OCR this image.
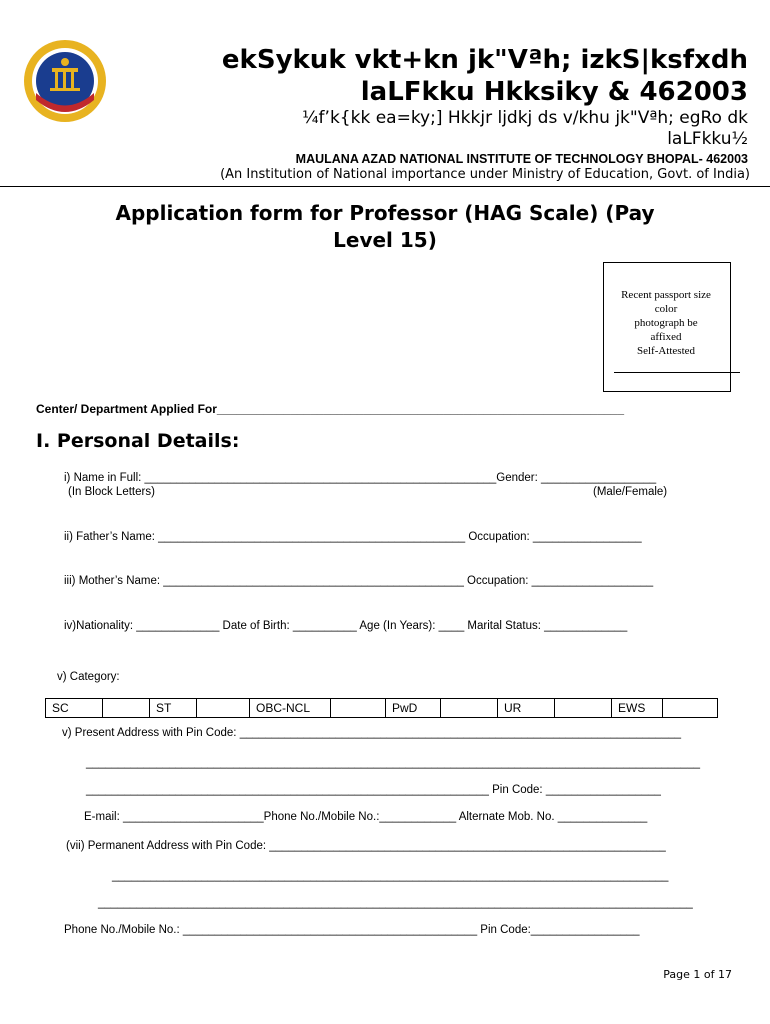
ekSykuk vkt+kn jk"Vªh; izkS|ksfxdh
laLFkku Hkksiky & 462003
¼f’k{kk ea=ky;] Hkkjr ljdkj ds v/khu jk"Vªh; egRo dk
laLFkku½
MAULANA AZAD NATIONAL INSTITUTE OF TECHNOLOGY BHOPAL- 462003
(An Institution of National importance under Ministry of Education, Govt. of India)
Application form for Professor (HAG Scale) (Pay
Level 15)
Recent passport size
color
photograph be
affixed
Self-Attested
Center/ Department Applied For_____________________________________________________________
I. Personal Details:
i) Name in Full: _______________________________________________________Gender: __________________
(In Block Letters)	(Male/Female)
ii) Father’s Name: ________________________________________________ Occupation: _________________
iii) Mother’s Name: _______________________________________________ Occupation: ___________________
iv)Nationality: _____________ Date of Birth: __________ Age (In Years): ____ Marital Status: _____________
v) Category:
SC		ST		OBC-NCL		PwD		UR		EWS	
v) Present Address with Pin Code: _____________________________________________________________________
________________________________________________________________________________________________
_______________________________________________________________ Pin Code: __________________
E-mail: ______________________Phone No./Mobile No.:____________ Alternate Mob. No. ______________
(vii) Permanent Address with Pin Code: ______________________________________________________________
_______________________________________________________________________________________
_____________________________________________________________________________________________
Phone No./Mobile No.: ______________________________________________ Pin Code:_________________
Page 1 of 17
